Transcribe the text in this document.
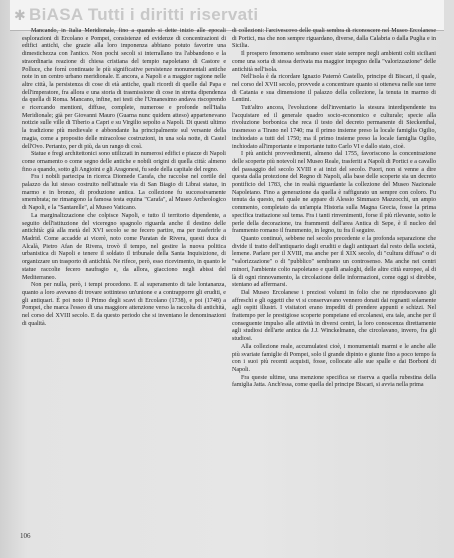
✱ BiASA Tutti i diritti riservati

Mancando, in Italia Meridionale, fino a quando si dette inizio alle epocali esplorazioni di Ercolano e Pompei, consistenze ed evidenze di concentrazioni di edifici antichi, che grazie alla loro imponenza abbiano potuto favorire una dimestichezza con l'antico. Non pochi secoli si interrallano tra l'abbandono e la straordinaria reazione di chiesa cristiana del tempio napoletano di Castore e Polluce, che fornì continuate le più significative persistenze monumentali antiche note in un centro urbano meridionale. E ancora, a Napoli e a maggior ragione nelle altre città, la persistenza di cose di età antiche, quali ricordi di quelle dal Papa e dell'imperatore, fra allora e una storia di trasmissione di cose in stretta dipendenza da quella di Roma. Mancano, infine, nei testi che l'Umanesimo andava riscoprendo e ricercando mentioni, diffuse, complete, numerose e profonde nell'Italia Meridionale; già per Giovanni Mauro (Guarna nunc quidem atteso) appartenevano notizie sulle ville di Tiberio a Capri e su Virgilio sepolto a Napoli. Di questi ultimo la tradizione più medievale e abbondante ha principalmente sul versante della magia, come a proposito delle miracolose costruzioni, in una sola notte, di Castel dell'Ovo. Pertanto, per di più, da un rango di così.

Statue e fregi architettonici sono utilizzati in numerosi edifici e piazze di Napoli come ornamento o come segno delle antiche e nobili origini di quella città: almeno fino a quando, sotto gli Angioini e gli Aragonesi, fu sede della capitale del regno.

Fra i nobili partecipa in ricerca Diomede Carafa, che raccolse nel cortile del palazzo da lui stesso costruito nell'attuale via di San Biagio di Librai statue, in marmo e in bronzo, di produzione antica. La collezione fu successivamente smembrata; ne rimangono la famosa testa equina "Carafa", al Museo Archeologico di Napoli, e la "Santarelle", al Museo Vaticano.

La marginalizzazione che colpisce Napoli, e tutto il territorio dipendente, a seguito dell'istituzione del viceregno spagnolo riguarda anche il destino delle antichità: già alla metà del XVI secolo se ne fecero partire, ma per trasferirle a Madrid. Come accadde ai vicerè, noto come Paratan de Rivera, questi duca di Alcalà, Pietro Afan de Rivera, trovò il tempo, nel gestire la nuova politica urbanistica di Napoli e tenere il soldato il tribunale della Santa Inquisizione, di organizzare un trasporto di antichità. Ne rifece, però, esso ricevimento, in quanto le statue raccolte fecero naufragio e, da allora, giacciono negli abissi del Mediterraneo.

Non per nulla, però, i tempi procedono. E al superamento di tale lontananza, quanto a loro avevano di trovare sottinteso un'unione e a contrapporre gli eruditi, e gli antiquari. È poi noto il Primo degli scavi di Ercolano (1738), e poi (1748) a Pompei, che marca l'esseo di una maggiore attenzione verso la raccolta di antichità, nel corso del XVIII secolo. E da questo periodo che si inventano le denominazioni di qualità.

di collezioni: l'arcivescovo delle quali sembra di riconoscere nel Museo Ercolanese di Portici, ma che non sempre riguardano, diverse, dalla Calabria o dalla Puglia e in Sicilia.

Il prospero fenomeno sembrano esser state sempre negli ambienti colti siciliani come una sorta di stessa derivata ma maggior impegno della "valorizzazione" delle antichità nell'isola.

Nell'isola è da ricordare Ignazio Paternò Castello, principe di Biscari, il quale, nel corso del XVII secolo, provvede a concentrare quanto si otteneva nelle sue terre di Catania e sua dimensione il palazzo della collezione, la tenuta in marmo di Lentini.

Tutt'altro ancora, l'evoluzione dell'inventario la stesura interdipendente tra l'acquistare ed il generale quadro socio-economico e culturale; specie alla rivoluzione borbonica che reca il testo del decreto permanente di Sieckenthal, trasmesso a Tirano nel 1740; ma il primo insieme preso la locale famiglia Ogilio, inchiodato a tutti del 1750; ma il primo insieme preso la locale famiglia Ogilio, inchiodato all'importante e importante tutto Carlo VI e dallo stato, cioè.

I più antichi provvedimenti, almeno dal 1755, favoriscono la concentrazione delle scoperte più notevoli nel Museo Reale, trasferiti a Napoli di Portici e a cavallo del passaggio del secolo XVIII e ai inizi del secolo. Fuori, non si venne a dire questa dalla protezione del Regno di Napoli, alla base delle scoperte sia un decreto pontificio del 1783, che in realtà riguardante la collezione del Museo Nazionale Napoletano. Fino a generazione da quella è raffigurato un sempre con coloro. Fu tenuta da questo, nel quale ne appare di Alessio Simmaco Mazzocchi, un ampio commento, completato da un'ampia Historia sulla Magna Grecia, fosse la prima specifica trattazione sul tema. Fra i tanti rinvenimenti, forse il più rilevante, sotto le perle della decorazione, tra frammenti dell'area Antica di Sepe, è il nucleo del frammento romano il frammento, in legno, tu fra il seguire.

Quanto continuò, sebbene nel secolo precedente e la profonda separazione che divide il tratto dell'antiquario dagli eruditi e dagli antiquari dal resto della società, lemene. Parlare per il XVIII, ma anche per il XIX secolo, di "cultura diffusa" o di "valorizzazione" o di "pubblico" sembrano un controsenso. Ma anche nei centri minori, l'ambiente colto napoletano e quelli analoghi, delle altre città europee, al di là di ogni rinnovamento, la circolazione delle informazioni, come oggi si direbbe, stentano ad affermarsi.

Dal Museo Ercolanese i preziosi volumi in folio che ne riproducevano gli affreschi e gli oggetti che vi si conservavano vennero donati dai regnanti solamente agli ospiti illustri. I visitatori erano impediti di prendere appunti e schizzi. Nel frattempo per le prestigiose scoperte pompeiane ed ercolanesi, era tale, anche per il conseguente impulso alle attività in diversi centri, la loro conoscenza direttamente agli studiosi dell'arte antica da J.J. Winckelmann, che circolavano, invero, fra gli studiosi.

Alla collezione reale, accumulatesi cioè, i monumentali marmi e le anche alle più svariate famiglie di Pompei, solo il grande dipinto e giunte fino a poco tempo fa con i suoi più recenti acquisti, fosse, collocate alle sue spalle e dai Borboni di Napoli.

Fra queste ultime, una menzione specifica se riserva a quella rubestina della famiglia Jatta. Anch'essa, come quella del principe Biscari, si avvia nella prima

106
